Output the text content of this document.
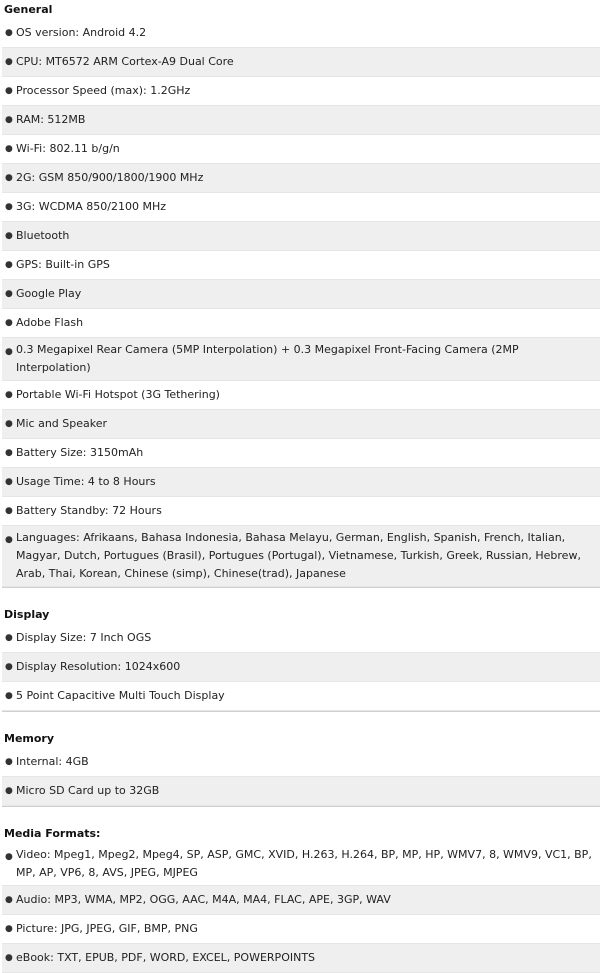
General
● OS version: Android 4.2
● CPU: MT6572 ARM Cortex-A9 Dual Core
● Processor Speed (max): 1.2GHz
● RAM: 512MB
● Wi-Fi: 802.11 b/g/n
● 2G: GSM 850/900/1800/1900 MHz
● 3G: WCDMA 850/2100 MHz
● Bluetooth
● GPS: Built-in GPS
● Google Play
● Adobe Flash
● 0.3 Megapixel Rear Camera (5MP Interpolation) + 0.3 Megapixel Front-Facing Camera (2MP Interpolation)
● Portable Wi-Fi Hotspot (3G Tethering)
● Mic and Speaker
● Battery Size: 3150mAh
● Usage Time: 4 to 8 Hours
● Battery Standby: 72 Hours
● Languages: Afrikaans, Bahasa Indonesia, Bahasa Melayu, German, English, Spanish, French, Italian, Magyar, Dutch, Portugues (Brasil), Portugues (Portugal), Vietnamese, Turkish, Greek, Russian, Hebrew, Arab, Thai, Korean, Chinese (simp), Chinese(trad), Japanese
Display
● Display Size: 7 Inch OGS
● Display Resolution: 1024x600
● 5 Point Capacitive Multi Touch Display
Memory
● Internal: 4GB
● Micro SD Card up to 32GB
Media Formats:
● Video: Mpeg1, Mpeg2, Mpeg4, SP, ASP, GMC, XVID, H.263, H.264, BP, MP, HP, WMV7, 8, WMV9, VC1, BP, MP, AP, VP6, 8, AVS, JPEG, MJPEG
● Audio: MP3, WMA, MP2, OGG, AAC, M4A, MA4, FLAC, APE, 3GP, WAV
● Picture: JPG, JPEG, GIF, BMP, PNG
● eBook: TXT, EPUB, PDF, WORD, EXCEL, POWERPOINTS
